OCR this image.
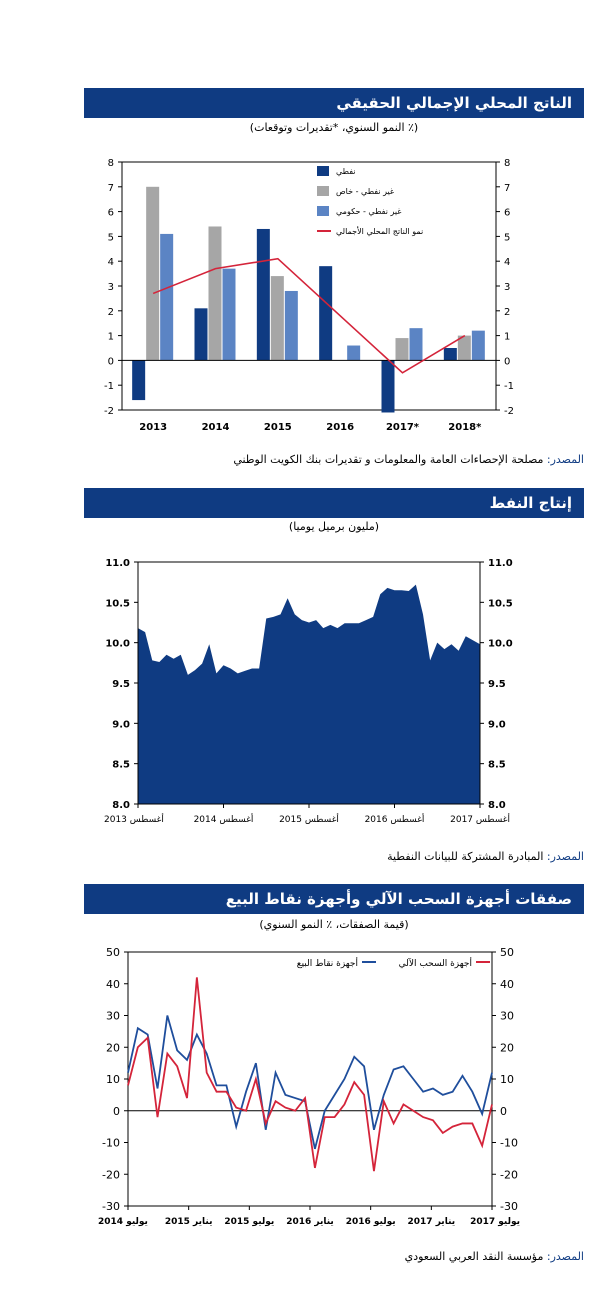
الناتج المحلي الإجمالي الحقيقي
(٪ النمو السنوي، *تقديرات وتوقعات)
-2	-2
-1	-1
0	0
1	1
2	2
3	3
4	4
5	5
6	6
7	7
8	8
2013	2014	2015	2016	2017*	2018*
نفطي
غير نفطي - خاص
غير نفطي - حكومي
نمو الناتج المحلي الأجمالي
المصدر: مصلحة الإحصاءات العامة والمعلومات و تقديرات بنك الكويت الوطني
إنتاج النفط
(مليون برميل يوميا)
8.0	8.0
8.5	8.5
9.0	9.0
9.5	9.5
10.0	10.0
10.5	10.5
11.0	11.0
أغسطس 2013	أغسطس 2014	أغسطس 2015	أغسطس 2016	أغسطس 2017
المصدر: المبادرة المشتركة للبيانات النفطية
صفقات أجهزة السحب الآلي وأجهزة نقاط البيع
(قيمة الصفقات، ٪ النمو السنوي)
-30	-30
-20	-20
-10	-10
0	0
10	10
20	20
30	30
40	40
50	50
أجهزة السحب الآلي
أجهزة نقاط البيع
يوليو 2014 يناير 2015 يوليو 2015 يناير 2016 يوليو 2016 يناير 2017 يوليو 2017
المصدر: مؤسسة النقد العربي السعودي
